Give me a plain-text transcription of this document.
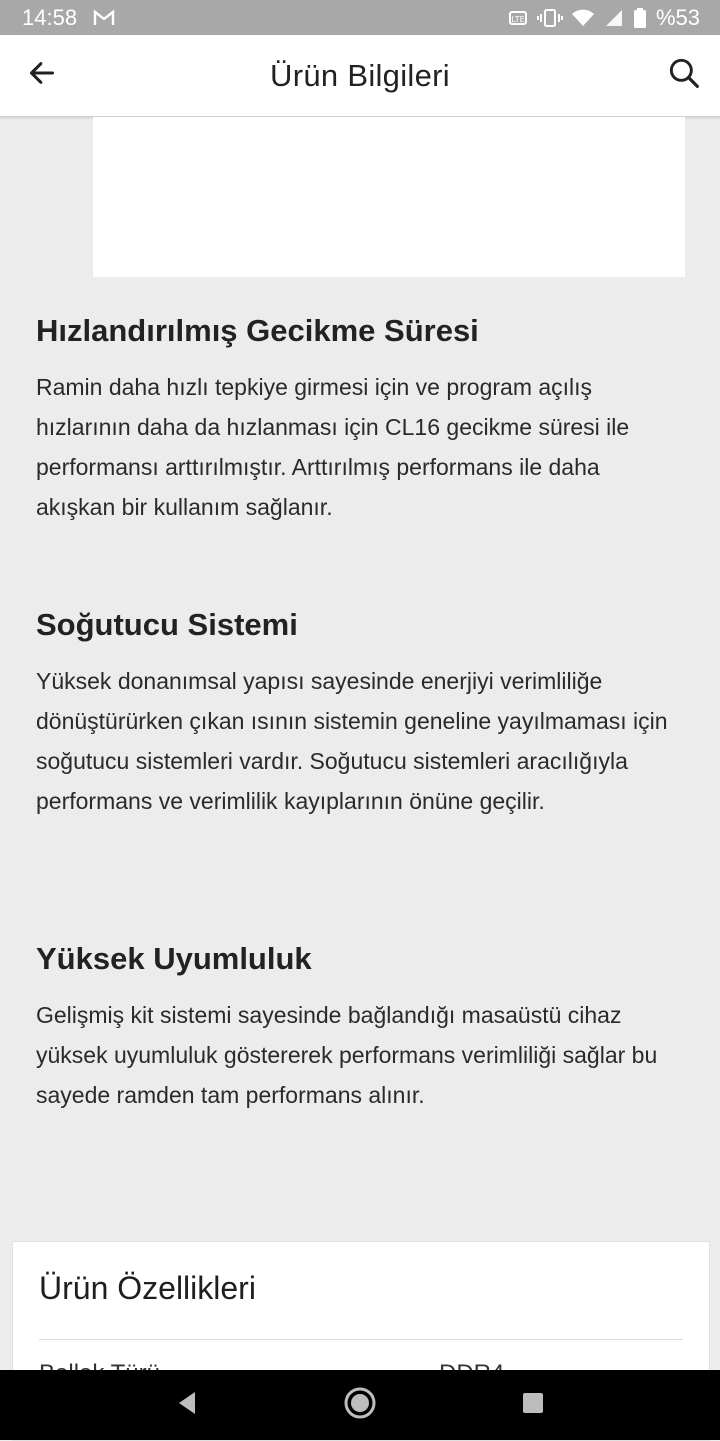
14:58	LTE	%53
Ürün Bilgileri
Hızlandırılmış Gecikme Süresi

Ramin daha hızlı tepkiye girmesi için ve program açılış hızlarının daha da hızlanması için CL16 gecikme süresi ile performansı arttırılmıştır. Arttırılmış performans ile daha akışkan bir kullanım sağlanır.

Soğutucu Sistemi

Yüksek donanımsal yapısı sayesinde enerjiyi verimliliğe dönüştürürken çıkan ısının sistemin geneline yayılmaması için soğutucu sistemleri vardır. Soğutucu sistemleri aracılığıyla performans ve verimlilik kayıplarının önüne geçilir.

Yüksek Uyumluluk

Gelişmiş kit sistemi sayesinde bağlandığı masaüstü cihaz yüksek uyumluluk göstererek performans verimliliği sağlar bu sayede ramden tam performans alınır.

Ürün Özellikleri
